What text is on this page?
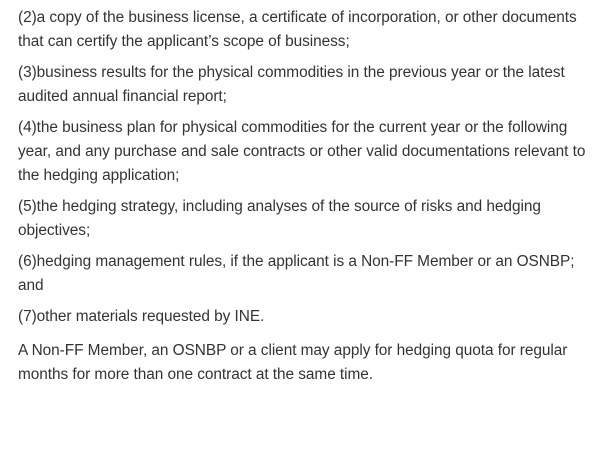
(2)a copy of the business license, a certificate of incorporation, or other documents that can certify the applicant’s scope of business;

(3)business results for the physical commodities in the previous year or the latest audited annual financial report;

(4)the business plan for physical commodities for the current year or the following year, and any purchase and sale contracts or other valid documentations relevant to the hedging application;

(5)the hedging strategy, including analyses of the source of risks and hedging objectives;

(6)hedging management rules, if the applicant is a Non-FF Member or an OSNBP; and

(7)other materials requested by INE.

A Non-FF Member, an OSNBP or a client may apply for hedging quota for regular months for more than one contract at the same time.
